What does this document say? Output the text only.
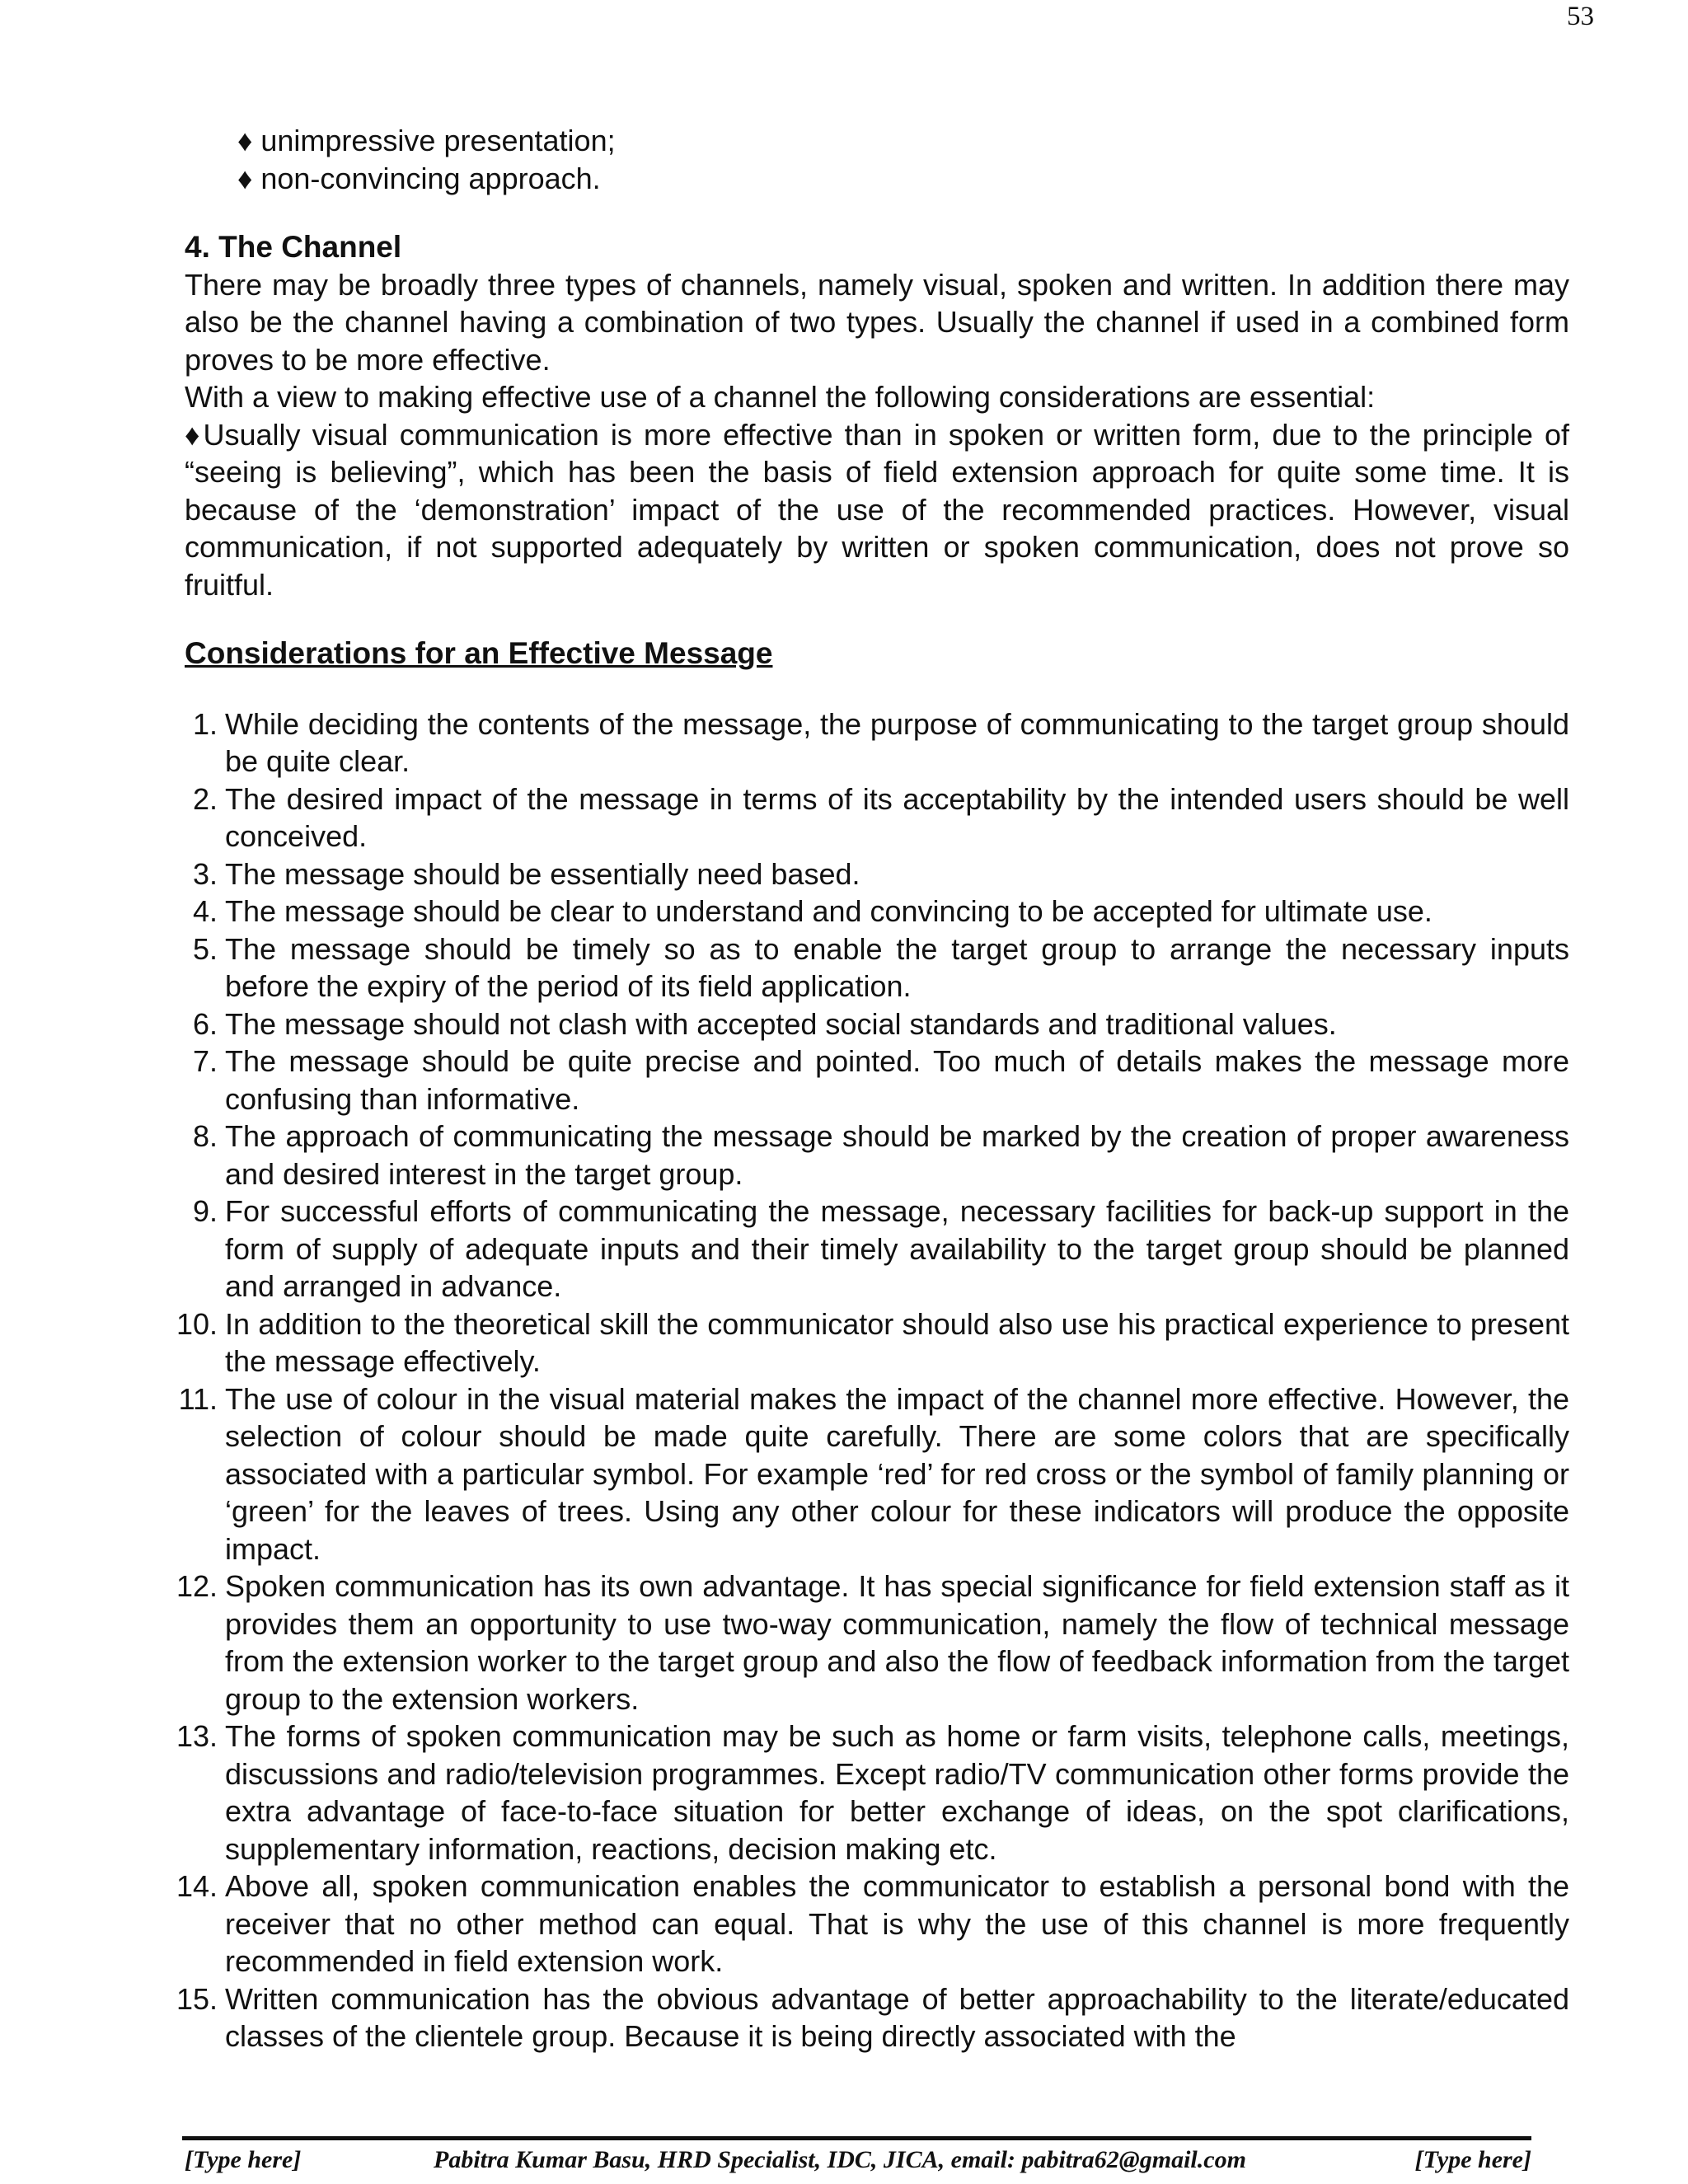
53
♦ unimpressive presentation;
♦ non-convincing approach.
4. The Channel

There may be broadly three types of channels, namely visual, spoken and written. In addition there may also be the channel having a combination of two types. Usually the channel if used in a combined form proves to be more effective.

With a view to making effective use of a channel the following considerations are essential:

♦Usually visual communication is more effective than in spoken or written form, due to the principle of “seeing is believing”, which has been the basis of field extension approach for quite some time. It is because of the ‘demonstration’ impact of the use of the recommended practices. However, visual communication, if not supported adequately by written or spoken communication, does not prove so fruitful.

Considerations for an Effective Message
1. While deciding the contents of the message, the purpose of communicating to the target group should be quite clear.
2. The desired impact of the message in terms of its acceptability by the intended users should be well conceived.
3. The message should be essentially need based.
4. The message should be clear to understand and convincing to be accepted for ultimate use.
5. The message should be timely so as to enable the target group to arrange the necessary inputs before the expiry of the period of its field application.
6. The message should not clash with accepted social standards and traditional values.
7. The message should be quite precise and pointed. Too much of details makes the message more confusing than informative.
8. The approach of communicating the message should be marked by the creation of proper awareness and desired interest in the target group.
9. For successful efforts of communicating the message, necessary facilities for back-up support in the form of supply of adequate inputs and their timely availability to the target group should be planned and arranged in advance.
10. In addition to the theoretical skill the communicator should also use his practical experience to present the message effectively.
11. The use of colour in the visual material makes the impact of the channel more effective. However, the selection of colour should be made quite carefully. There are some colors that are specifically associated with a particular symbol. For example ‘red’ for red cross or the symbol of family planning or ‘green’ for the leaves of trees. Using any other colour for these indicators will produce the opposite impact.
12. Spoken communication has its own advantage. It has special significance for field extension staff as it provides them an opportunity to use two-way communication, namely the flow of technical message from the extension worker to the target group and also the flow of feedback information from the target group to the extension workers.
13. The forms of spoken communication may be such as home or farm visits, telephone calls, meetings, discussions and radio/television programmes. Except radio/TV communication other forms provide the extra advantage of face-to-face situation for better exchange of ideas, on the spot clarifications, supplementary information, reactions, decision making etc.
14. Above all, spoken communication enables the communicator to establish a personal bond with the receiver that no other method can equal. That is why the use of this channel is more frequently recommended in field extension work.
15. Written communication has the obvious advantage of better approachability to the literate/educated classes of the clientele group. Because it is being directly associated with the
[Type here]	Pabitra Kumar Basu, HRD Specialist, IDC, JICA, email: pabitra62@gmail.com	[Type here]
